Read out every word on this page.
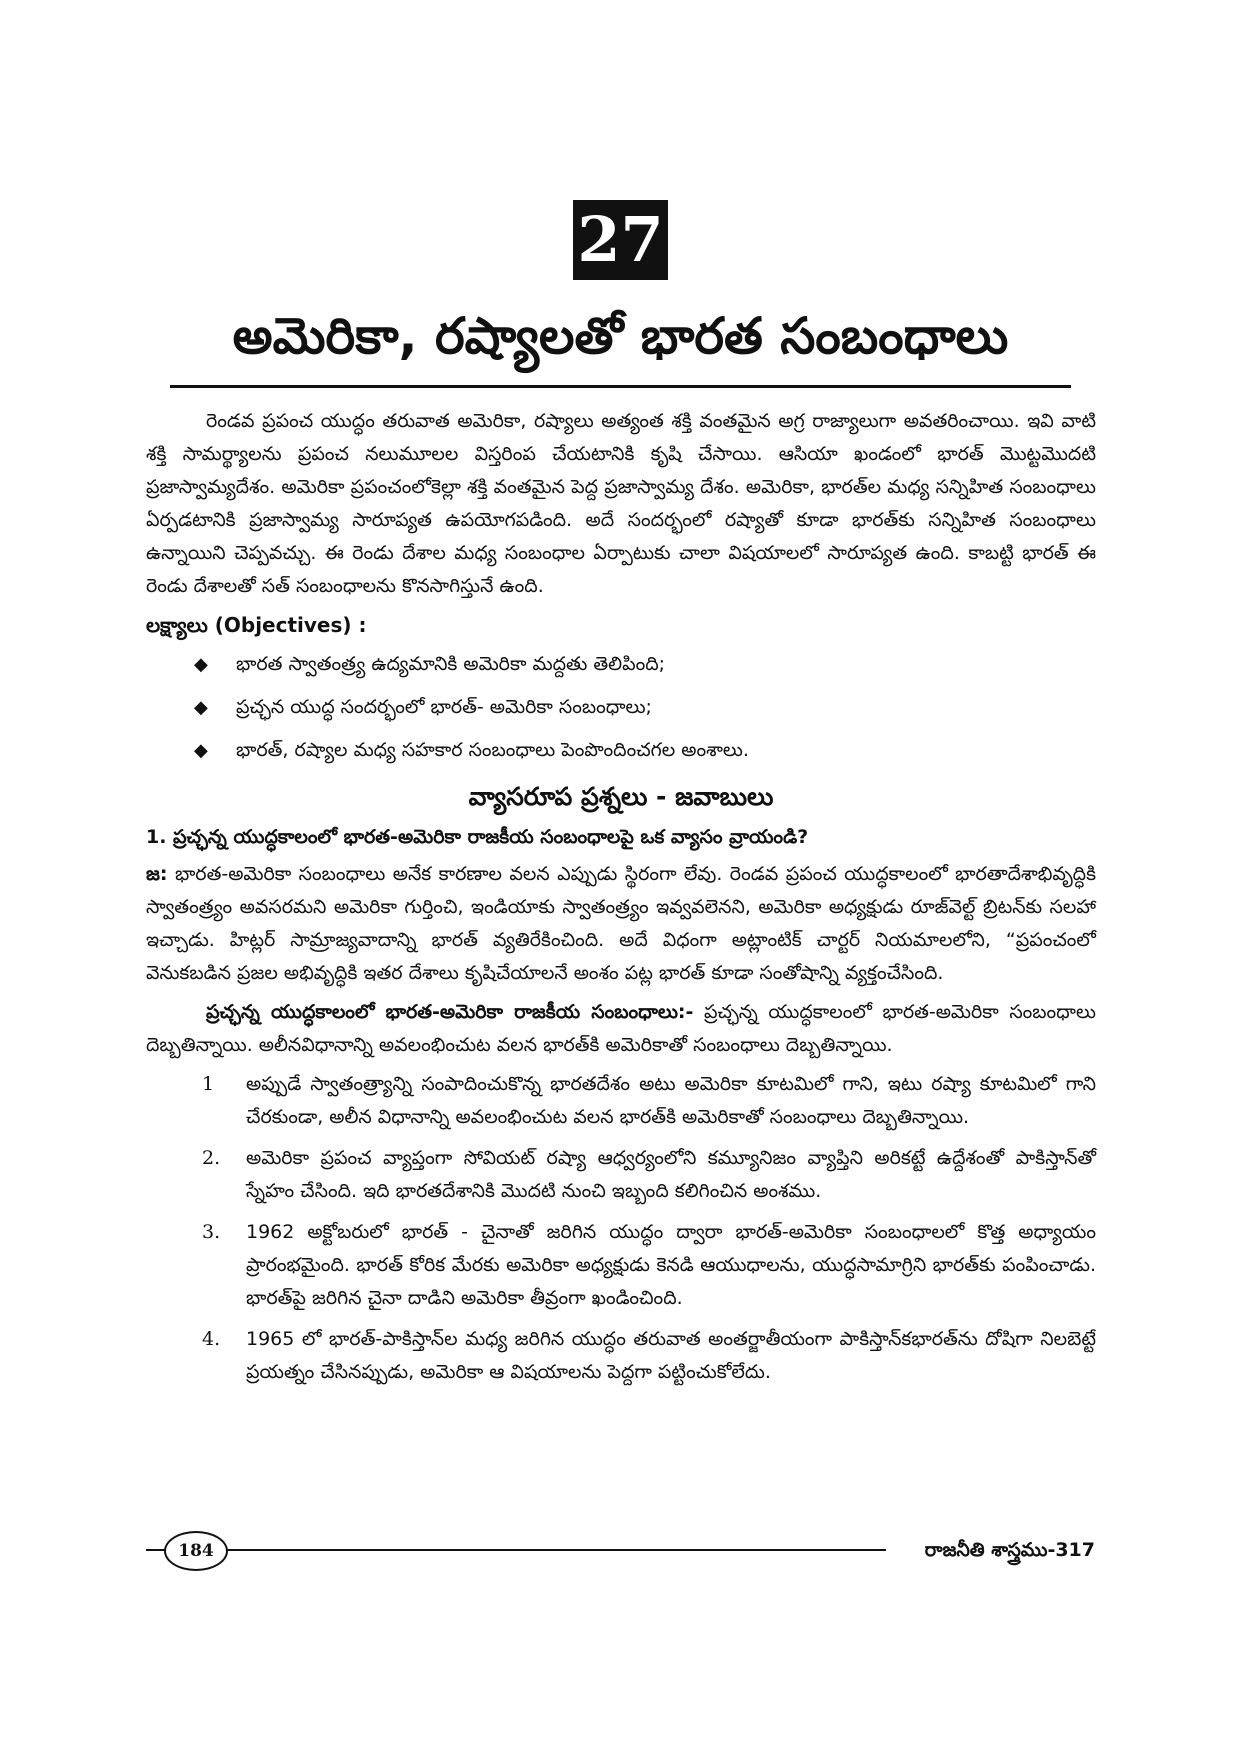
27
అమెరికా, రష్యాలతో భారత సంబంధాలు

రెండవ ప్రపంచ యుద్ధం తరువాత అమెరికా, రష్యాలు అత్యంత శక్తి వంతమైన అగ్ర రాజ్యాలుగా అవతరించాయి. ఇవి వాటి శక్తి సామర్థ్యాలను ప్రపంచ నలుమూలల విస్తరింప చేయటానికి కృషి చేసాయి. ఆసియా ఖండంలో భారత్ మొట్టమొదటి ప్రజాస్వామ్యదేశం. అమెరికా ప్రపంచంలోకెల్లా శక్తి వంతమైన పెద్ద ప్రజాస్వామ్య దేశం. అమెరికా, భారత్‌ల మధ్య సన్నిహిత సంబంధాలు ఏర్పడటానికి ప్రజాస్వామ్య సారూప్యత ఉపయోగపడింది. అదే సందర్భంలో రష్యాతో కూడా భారత్‌కు సన్నిహిత సంబంధాలు ఉన్నాయిని చెప్పవచ్చు. ఈ రెండు దేశాల మధ్య సంబంధాల ఏర్పాటుకు చాలా విషయాలలో సారూప్యత ఉంది. కాబట్టి భారత్ ఈ రెండు దేశాలతో సత్ సంబంధాలను కొనసాగిస్తునే ఉంది.

లక్ష్యాలు (Objectives) :
◆ భారత స్వాతంత్ర్య ఉద్యమానికి అమెరికా మద్దతు తెలిపింది;
◆ ప్రచ్ఛన యుద్ధ సందర్భంలో భారత్- అమెరికా సంబంధాలు;
◆ భారత్, రష్యాల మధ్య సహకార సంబంధాలు పెంపొందించగల అంశాలు.
వ్యాసరూప ప్రశ్నలు - జవాబులు

1. ప్రచ్ఛన్న యుద్ధకాలంలో భారత-అమెరికా రాజకీయ సంబంధాలపై ఒక వ్యాసం వ్రాయండి?

జ: భారత-అమెరికా సంబంధాలు అనేక కారణాల వలన ఎప్పుడు స్థిరంగా లేవు. రెండవ ప్రపంచ యుద్ధకాలంలో భారతాదేశాభివృద్ధికి స్వాతంత్ర్యం అవసరమని అమెరికా గుర్తించి, ఇండియాకు స్వాతంత్ర్యం ఇవ్వవలెనని, అమెరికా అధ్యక్షుడు రూజ్‌వెల్ట్ బ్రిటన్‌కు సలహా ఇచ్చాడు. హిట్లర్ సామ్రాజ్యవాదాన్ని భారత్ వ్యతిరేకించింది. అదే విధంగా అట్లాంటిక్ చార్టర్ నియమాలలోని, “ప్రపంచంలో వెనుకబడిన ప్రజల అభివృద్ధికి ఇతర దేశాలు కృషిచేయాలనే అంశం పట్ల భారత్ కూడా సంతోషాన్ని వ్యక్తంచేసింది.

ప్రచ్ఛన్న యుద్ధకాలంలో భారత-అమెరికా రాజకీయ సంబంధాలు:- ప్రచ్ఛన్న యుద్ధకాలంలో భారత-అమెరికా సంబంధాలు దెబ్బతిన్నాయి. అలీనవిధానాన్ని అవలంభించుట వలన భారత్‌కి అమెరికాతో సంబంధాలు దెబ్బతిన్నాయి.

1 అప్పుడే స్వాతంత్ర్యాన్ని సంపాదించుకొన్న భారతదేశం అటు అమెరికా కూటమిలో గాని, ఇటు రష్యా కూటమిలో గాని చేరకుండా, అలీన విధానాన్ని అవలంభించుట వలన భారత్‌కి అమెరికాతో సంబంధాలు దెబ్బతిన్నాయి.
2. అమెరికా ప్రపంచ వ్యాప్తంగా సోవియట్ రష్యా ఆధ్వర్యంలోని కమ్యూనిజం వ్యాప్తిని అరికట్టే ఉద్దేశంతో పాకిస్తాన్‌తో స్నేహం చేసింది. ఇది భారతదేశానికి మొదటి నుంచి ఇబ్బంది కలిగించిన అంశము.
3. 1962 అక్టోబరులో భారత్ - చైనాతో జరిగిన యుద్ధం ద్వారా భారత్-అమెరికా సంబంధాలలో కొత్త అధ్యాయం ప్రారంభమైంది. భారత్ కోరిక మేరకు అమెరికా అధ్యక్షుడు కెనడి ఆయుధాలను, యుద్ధసామాగ్రిని భారత్‌కు పంపించాడు. భారత్‌పై జరిగిన చైనా దాడిని అమెరికా తీవ్రంగా ఖండించింది.
4. 1965 లో భారత్-పాకిస్తాన్‌ల మధ్య జరిగిన యుద్ధం తరువాత అంతర్జాతీయంగా పాకిస్తాన్‌కభారత్‌ను దోషిగా నిలబెట్టే ప్రయత్నం చేసినప్పుడు, అమెరికా ఆ విషయాలను పెద్దగా పట్టించుకోలేదు.
184	రాజనీతి శాస్త్రము-317
